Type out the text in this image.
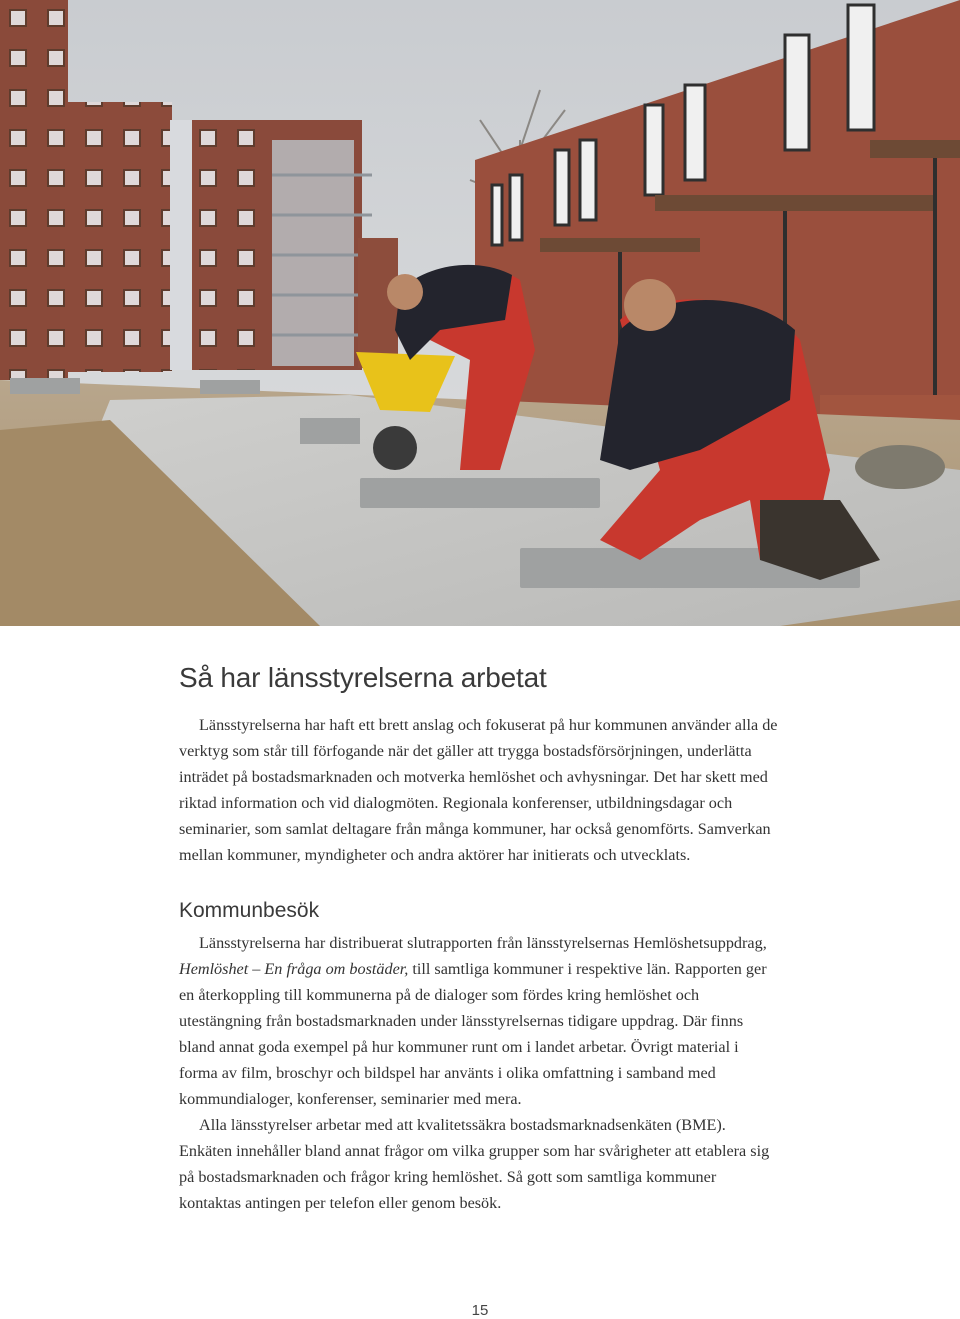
Så har länsstyrelserna arbetat

Länsstyrelserna har haft ett brett anslag och fokuserat på hur kommunen använder alla de verktyg som står till förfogande när det gäller att trygga bostadsförsörjningen, underlätta inträdet på bostadsmarknaden och motverka hemlöshet och avhysningar. Det har skett med riktad information och vid dialogmöten. Regionala konferenser, utbildningsdagar och seminarier, som samlat deltagare från många kommuner, har också genomförts. Samverkan mellan kommuner, myndigheter och andra aktörer har initierats och utvecklats.

Kommunbesök

Länsstyrelserna har distribuerat slutrapporten från länsstyrelsernas Hemlöshetsuppdrag, Hemlöshet – En fråga om bostäder, till samtliga kommuner i respektive län. Rapporten ger en återkoppling till kommunerna på de dialoger som fördes kring hemlöshet och utestängning från bostadsmarknaden under länsstyrelsernas tidigare uppdrag. Där finns bland annat goda exempel på hur kommuner runt om i landet arbetar. Övrigt material i forma av film, broschyr och bildspel har använts i olika omfattning i samband med kommundialoger, konferenser, seminarier med mera.

Alla länsstyrelser arbetar med att kvalitetssäkra bostadsmarknadsenkäten (BME). Enkäten innehåller bland annat frågor om vilka grupper som har svårigheter att etablera sig på bostadsmarknaden och frågor kring hemlöshet. Så gott som samtliga kommuner kontaktas antingen per telefon eller genom besök.

15
